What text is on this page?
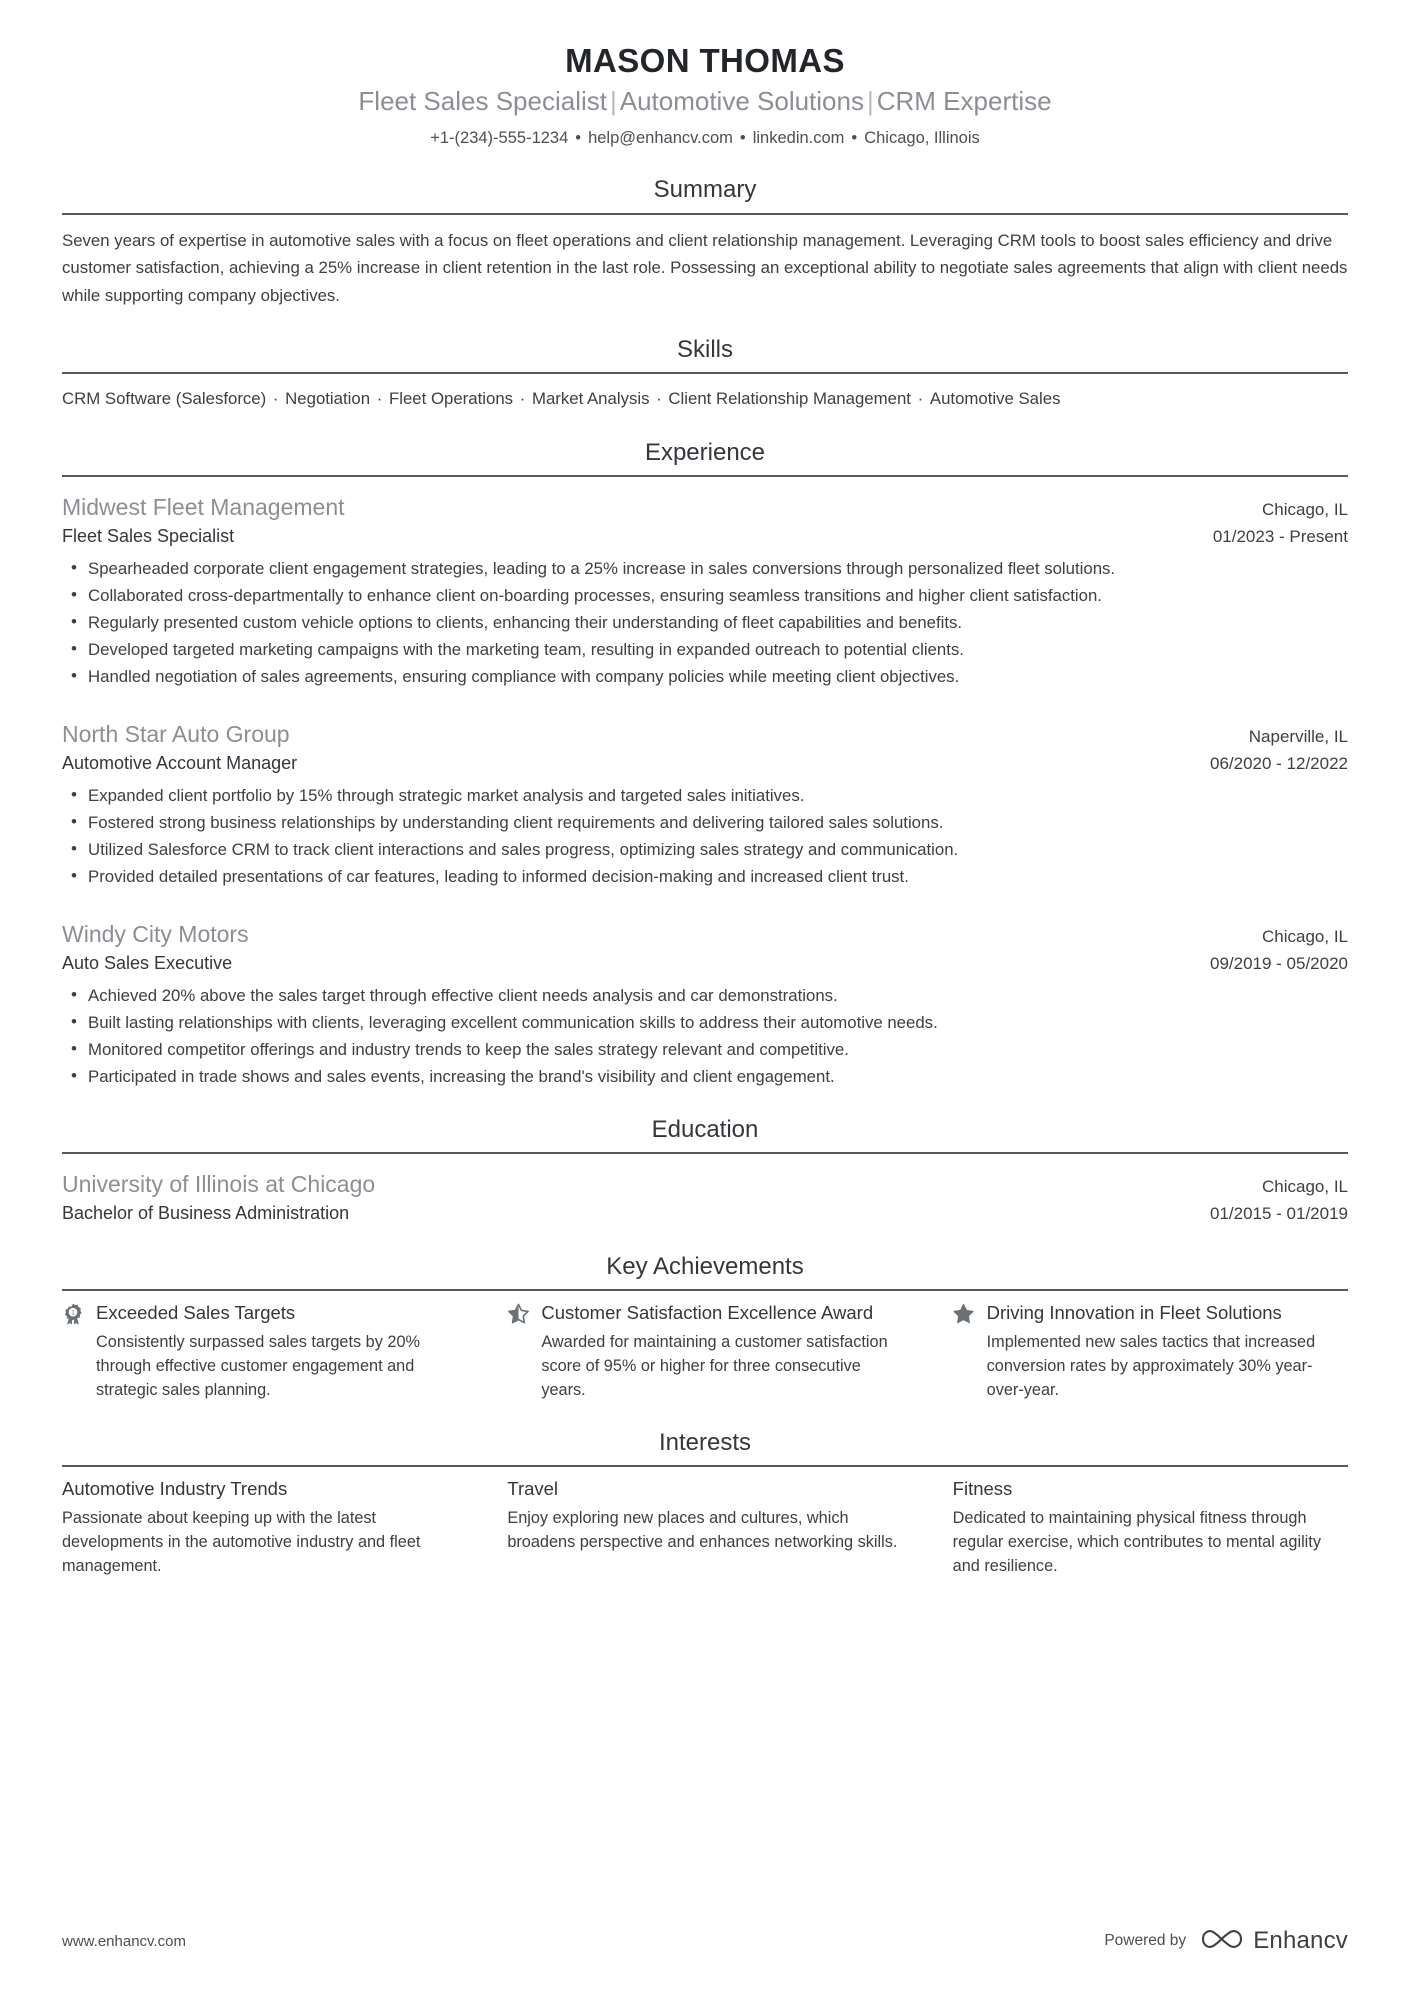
MASON THOMAS
Fleet Sales Specialist | Automotive Solutions | CRM Expertise
+1-(234)-555-1234 • help@enhancv.com • linkedin.com • Chicago, Illinois
Summary

Seven years of expertise in automotive sales with a focus on fleet operations and client relationship management. Leveraging CRM tools to boost sales efficiency and drive customer satisfaction, achieving a 25% increase in client retention in the last role. Possessing an exceptional ability to negotiate sales agreements that align with client needs while supporting company objectives.

Skills
CRM Software (Salesforce) · Negotiation · Fleet Operations · Market Analysis · Client Relationship Management · Automotive Sales
Experience
Midwest Fleet Management	Chicago, IL
Fleet Sales Specialist	01/2023 - Present
• Spearheaded corporate client engagement strategies, leading to a 25% increase in sales conversions through personalized fleet solutions.
• Collaborated cross-departmentally to enhance client on-boarding processes, ensuring seamless transitions and higher client satisfaction.
• Regularly presented custom vehicle options to clients, enhancing their understanding of fleet capabilities and benefits.
• Developed targeted marketing campaigns with the marketing team, resulting in expanded outreach to potential clients.
• Handled negotiation of sales agreements, ensuring compliance with company policies while meeting client objectives.
North Star Auto Group	Naperville, IL
Automotive Account Manager	06/2020 - 12/2022
• Expanded client portfolio by 15% through strategic market analysis and targeted sales initiatives.
• Fostered strong business relationships by understanding client requirements and delivering tailored sales solutions.
• Utilized Salesforce CRM to track client interactions and sales progress, optimizing sales strategy and communication.
• Provided detailed presentations of car features, leading to informed decision-making and increased client trust.
Windy City Motors	Chicago, IL
Auto Sales Executive	09/2019 - 05/2020
• Achieved 20% above the sales target through effective client needs analysis and car demonstrations.
• Built lasting relationships with clients, leveraging excellent communication skills to address their automotive needs.
• Monitored competitor offerings and industry trends to keep the sales strategy relevant and competitive.
• Participated in trade shows and sales events, increasing the brand's visibility and client engagement.
Education
University of Illinois at Chicago	Chicago, IL
Bachelor of Business Administration	01/2015 - 01/2019
Key Achievements
1 Exceeded Sales Targets
Consistently surpassed sales targets by 20% through effective customer engagement and strategic sales planning.
Customer Satisfaction Excellence Award
Awarded for maintaining a customer satisfaction score of 95% or higher for three consecutive years.
Driving Innovation in Fleet Solutions
Implemented new sales tactics that increased conversion rates by approximately 30% year-over-year.
Interests
Automotive Industry Trends
Passionate about keeping up with the latest developments in the automotive industry and fleet management.
Travel
Enjoy exploring new places and cultures, which broadens perspective and enhances networking skills.
Fitness
Dedicated to maintaining physical fitness through regular exercise, which contributes to mental agility and resilience.
www.enhancv.com	Powered by	Enhancv
